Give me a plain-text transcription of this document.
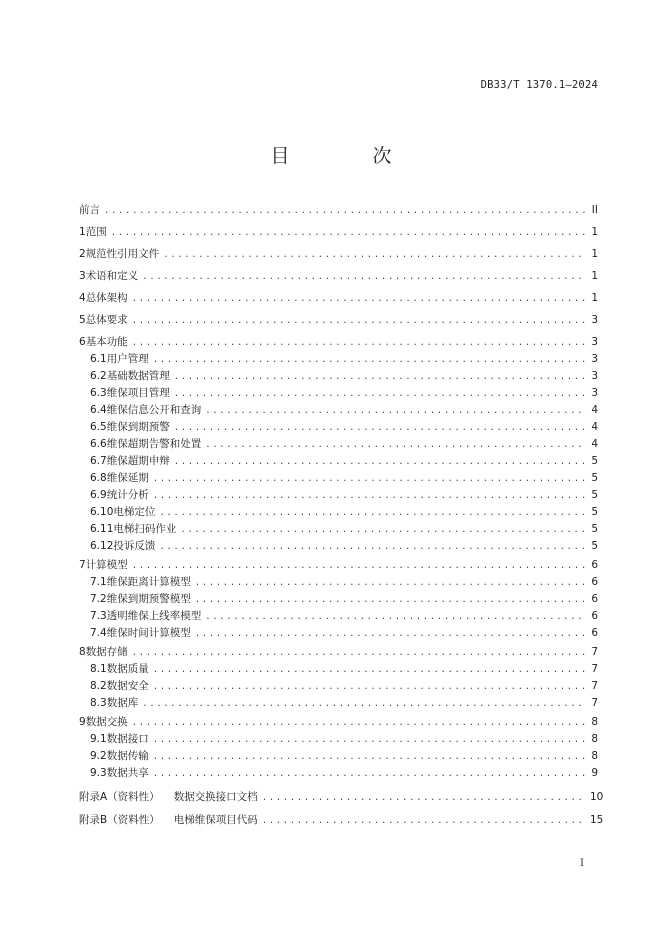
DB33/T 1370.1—2024
目　次
前言 .....	II
1 范围 .....	1
2 规范性引用文件 .....	1
3 术语和定义 .....	1
4 总体架构 .....	1
5 总体要求 .....	3
6 基本功能 .....	3
6.1 用户管理 .....	3
6.2 基础数据管理 .....	3
6.3 维保项目管理 .....	3
6.4 维保信息公开和查询 .....	4
6.5 维保到期预警 .....	4
6.6 维保超期告警和处置 .....	4
6.7 维保超期申辩 .....	5
6.8 维保延期 .....	5
6.9 统计分析 .....	5
6.10 电梯定位 .....	5
6.11 电梯扫码作业 .....	5
6.12 投诉反馈 .....	5
7 计算模型 .....	6
7.1 维保距离计算模型 .....	6
7.2 维保到期预警模型 .....	6
7.3 透明维保上线率模型 .....	6
7.4 维保时间计算模型 .....	6
8 数据存储 .....	7
8.1 数据质量 .....	7
8.2 数据安全 .....	7
8.3 数据库 .....	7
9 数据交换 .....	8
9.1 数据接口 .....	8
9.2 数据传输 .....	8
9.3 数据共享 .....	9
附录A（资料性） 数据交换接口文档 .....	10
附录B（资料性） 电梯维保项目代码 .....	15
I
